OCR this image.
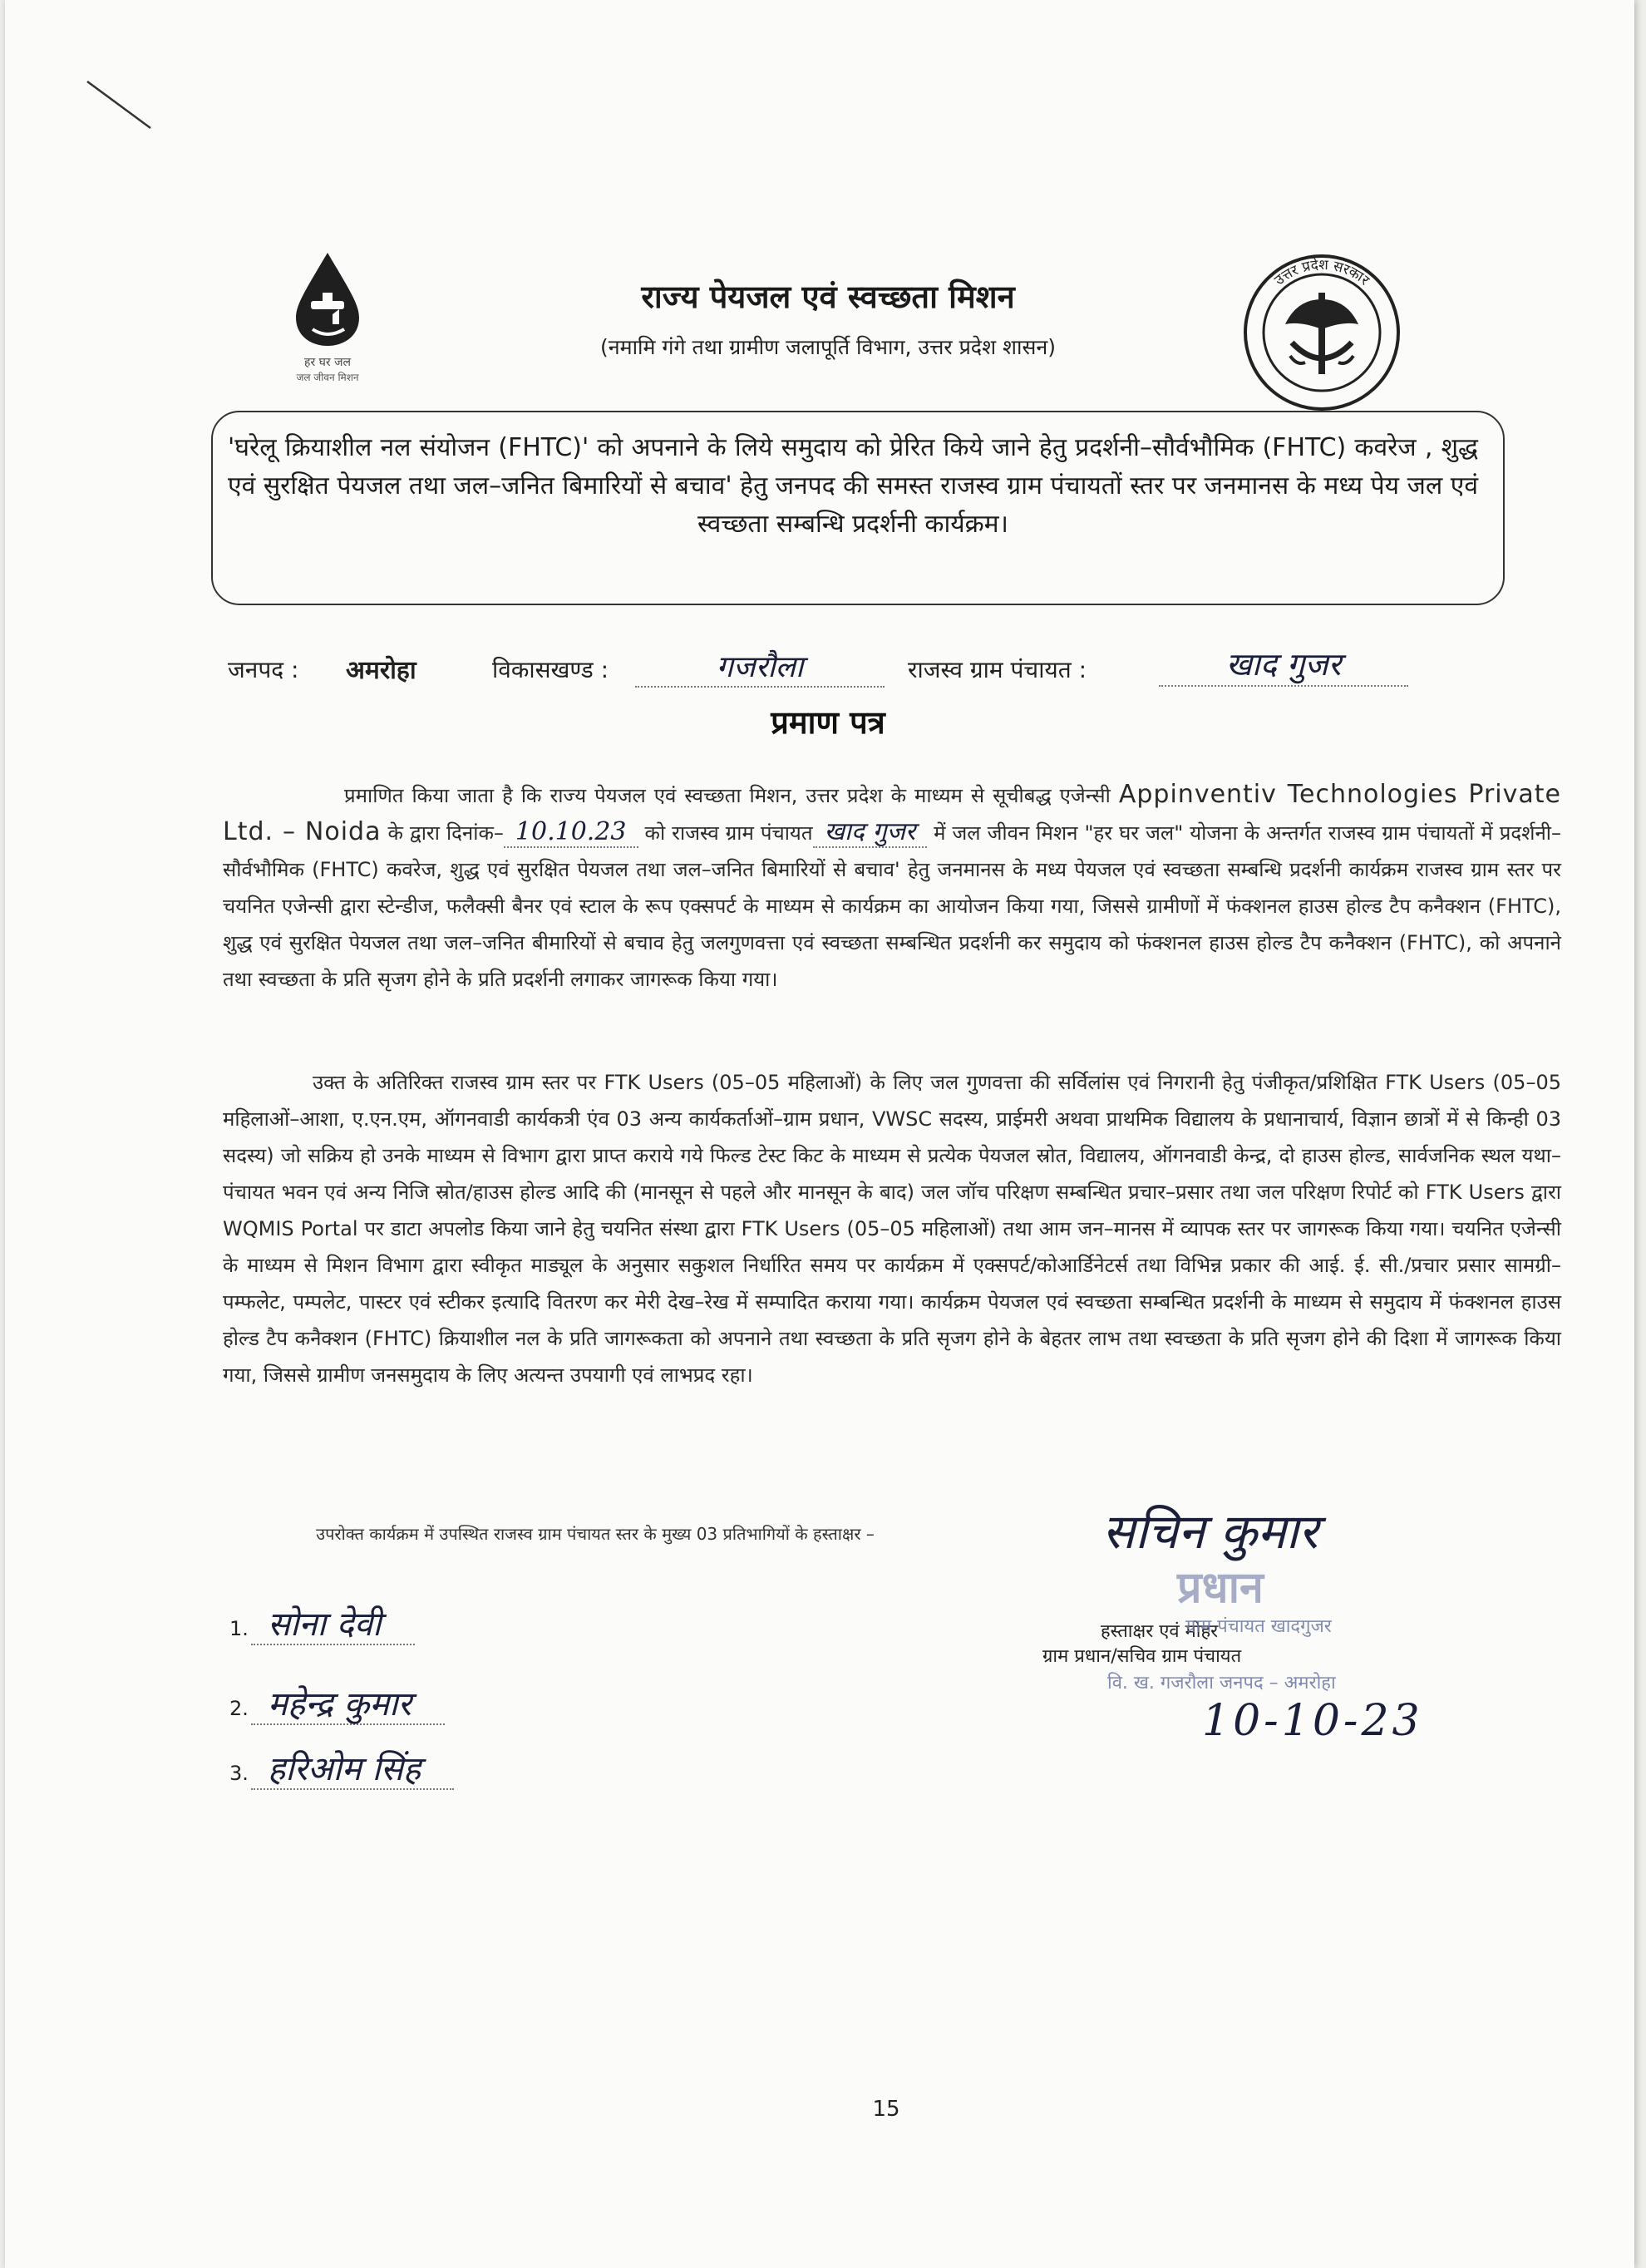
हर घर जल
जल जीवन मिशन
राज्य पेयजल एवं स्वच्छता मिशन
(नमामि गंगे तथा ग्रामीण जलापूर्ति विभाग, उत्तर प्रदेश शासन)
उत्तर प्रदेश सरकार
'घरेलू क्रियाशील नल संयोजन (FHTC)' को अपनाने के लिये समुदाय को प्रेरित किये जाने हेतु प्रदर्शनी–सौर्वभौमिक (FHTC) कवरेज , शुद्ध एवं सुरक्षित पेयजल तथा जल–जनित बिमारियों से बचाव' हेतु जनपद की समस्त राजस्व ग्राम पंचायतों स्तर पर जनमानस के मध्य पेय जल एवं स्वच्छता सम्बन्धि प्रदर्शनी कार्यक्रम।
जनपद : अमरोहा	विकासखण्ड :	गजरौला	राजस्व ग्राम पंचायत :	खाद गुजर
प्रमाण पत्र
प्रमाणित किया जाता है कि राज्य पेयजल एवं स्वच्छता मिशन, उत्तर प्रदेश के माध्यम से सूचीबद्ध एजेन्सी Appinventiv Technologies Private Ltd. – Noida के द्वारा दिनांक– 10.10.23 को राजस्व ग्राम पंचायत खाद गुजर में जल जीवन मिशन "हर घर जल" योजना के अन्तर्गत राजस्व ग्राम पंचायतों में प्रदर्शनी–सौर्वभौमिक (FHTC) कवरेज, शुद्ध एवं सुरक्षित पेयजल तथा जल–जनित बिमारियों से बचाव' हेतु जनमानस के मध्य पेयजल एवं स्वच्छता सम्बन्धि प्रदर्शनी कार्यक्रम राजस्व ग्राम स्तर पर चयनित एजेन्सी द्वारा स्टेन्डीज, फलैक्सी बैनर एवं स्टाल के रूप एक्सपर्ट के माध्यम से कार्यक्रम का आयोजन किया गया, जिससे ग्रामीणों में फंक्शनल हाउस होल्ड टैप कनैक्शन (FHTC), शुद्ध एवं सुरक्षित पेयजल तथा जल–जनित बीमारियों से बचाव हेतु जलगुणवत्ता एवं स्वच्छता सम्बन्धित प्रदर्शनी कर समुदाय को फंक्शनल हाउस होल्ड टैप कनैक्शन (FHTC), को अपनाने तथा स्वच्छता के प्रति सृजग होने के प्रति प्रदर्शनी लगाकर जागरूक किया गया।
उक्त के अतिरिक्त राजस्व ग्राम स्तर पर FTK Users (05–05 महिलाओं) के लिए जल गुणवत्ता की सर्विलांस एवं निगरानी हेतु पंजीकृत/प्रशिक्षित FTK Users (05–05 महिलाओं–आशा, ए.एन.एम, ऑगनवाडी कार्यकत्री एंव 03 अन्य कार्यकर्ताओं–ग्राम प्रधान, VWSC सदस्य, प्राईमरी अथवा प्राथमिक विद्यालय के प्रधानाचार्य, विज्ञान छात्रों में से किन्ही 03 सदस्य) जो सक्रिय हो उनके माध्यम से विभाग द्वारा प्राप्त कराये गये फिल्ड टेस्ट किट के माध्यम से प्रत्येक पेयजल स्रोत, विद्यालय, ऑगनवाडी केन्द्र, दो हाउस होल्ड, सार्वजनिक स्थल यथा–पंचायत भवन एवं अन्य निजि स्रोत/हाउस होल्ड आदि की (मानसून से पहले और मानसून के बाद) जल जॉच परिक्षण सम्बन्धित प्रचार–प्रसार तथा जल परिक्षण रिपोर्ट को FTK Users द्वारा WQMIS Portal पर डाटा अपलोड किया जाने हेतु चयनित संस्था द्वारा FTK Users (05–05 महिलाओं) तथा आम जन–मानस में व्यापक स्तर पर जागरूक किया गया। चयनित एजेन्सी के माध्यम से मिशन विभाग द्वारा स्वीकृत माड्यूल के अनुसार सकुशल निर्धारित समय पर कार्यक्रम में एक्सपर्ट/कोआर्डिनेटर्स तथा विभिन्न प्रकार की आई. ई. सी./प्रचार प्रसार सामग्री–पम्फलेट, पम्पलेट, पास्टर एवं स्टीकर इत्यादि वितरण कर मेरी देख–रेख में सम्पादित कराया गया। कार्यक्रम पेयजल एवं स्वच्छता सम्बन्धित प्रदर्शनी के माध्यम से समुदाय में फंक्शनल हाउस होल्ड टैप कनैक्शन (FHTC) क्रियाशील नल के प्रति जागरूकता को अपनाने तथा स्वच्छता के प्रति सृजग होने के बेहतर लाभ तथा स्वच्छता के प्रति सृजग होने की दिशा में जागरूक किया गया, जिससे ग्रामीण जनसमुदाय के लिए अत्यन्त उपयागी एवं लाभप्रद रहा।
उपरोक्त कार्यक्रम में उपस्थित राजस्व ग्राम पंचायत स्तर के मुख्य 03 प्रतिभागियों के हस्ताक्षर –
1. सोना देवी
2. महेन्द्र कुमार
3. हरिओम सिंह
सचिन कुमार
प्रधान
हस्ताक्षर एवं मोहर
ग्राम पंचायत खादगुजर
ग्राम प्रधान/सचिव ग्राम पंचायत
वि. ख. गजरौला जनपद – अमरोहा
10-10-23
15
